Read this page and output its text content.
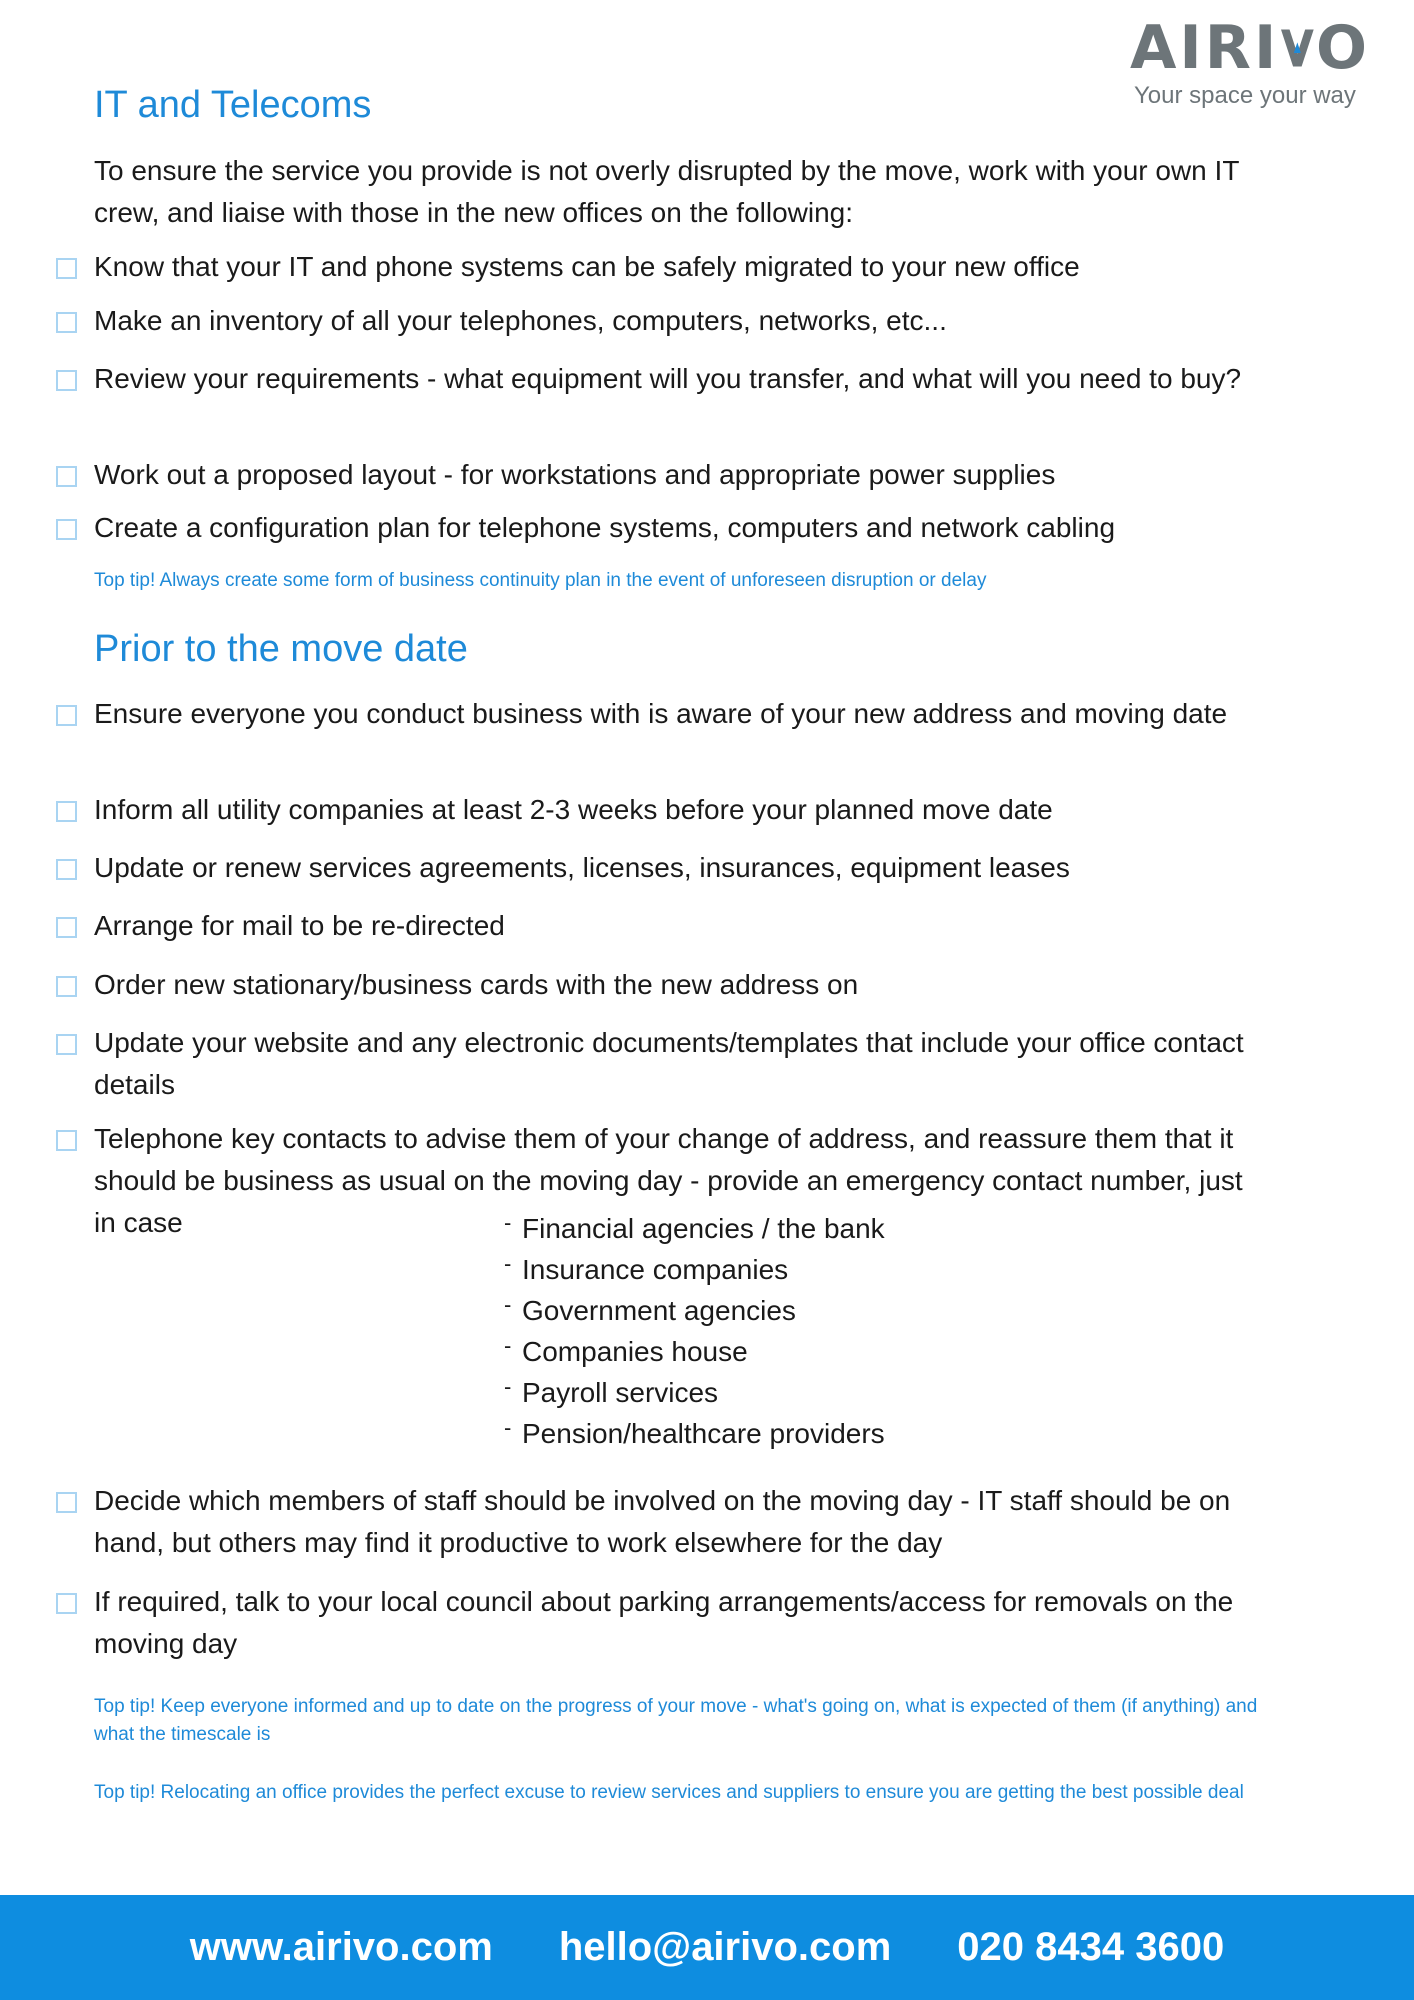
AIRI O
Your space your way
IT and Telecoms

To ensure the service you provide is not overly disrupted by the move, work with your own IT crew, and liaise with those in the new offices on the following:

Know that your IT and phone systems can be safely migrated to your new office
Make an inventory of all your telephones, computers, networks, etc...
Review your requirements - what equipment will you transfer, and what will you need to buy?
Work out a proposed layout - for workstations and appropriate power supplies
Create a configuration plan for telephone systems, computers and network cabling
Top tip! Always create some form of business continuity plan in the event of unforeseen disruption or delay
Prior to the move date
Ensure everyone you conduct business with is aware of your new address and moving date
Inform all utility companies at least 2-3 weeks before your planned move date
Update or renew services agreements, licenses, insurances, equipment leases
Arrange for mail to be re-directed
Order new stationary/business cards with the new address on
Update your website and any electronic documents/templates that include your office contact details
Telephone key contacts to advise them of your change of address, and reassure them that it should be business as usual on the moving day - provide an emergency contact number, just in case	- Financial agencies / the bank
- Insurance companies
- Government agencies
- Companies house
- Payroll services
- Pension/healthcare providers
Decide which members of staff should be involved on the moving day - IT staff should be on hand, but others may find it productive to work elsewhere for the day
If required, talk to your local council about parking arrangements/access for removals on the moving day
Top tip! Keep everyone informed and up to date on the progress of your move - what's going on, what is expected of them (if anything) and what the timescale is
Top tip! Relocating an office provides the perfect excuse to review services and suppliers to ensure you are getting the best possible deal
www.airivo.com hello@airivo.com 020 8434 3600
